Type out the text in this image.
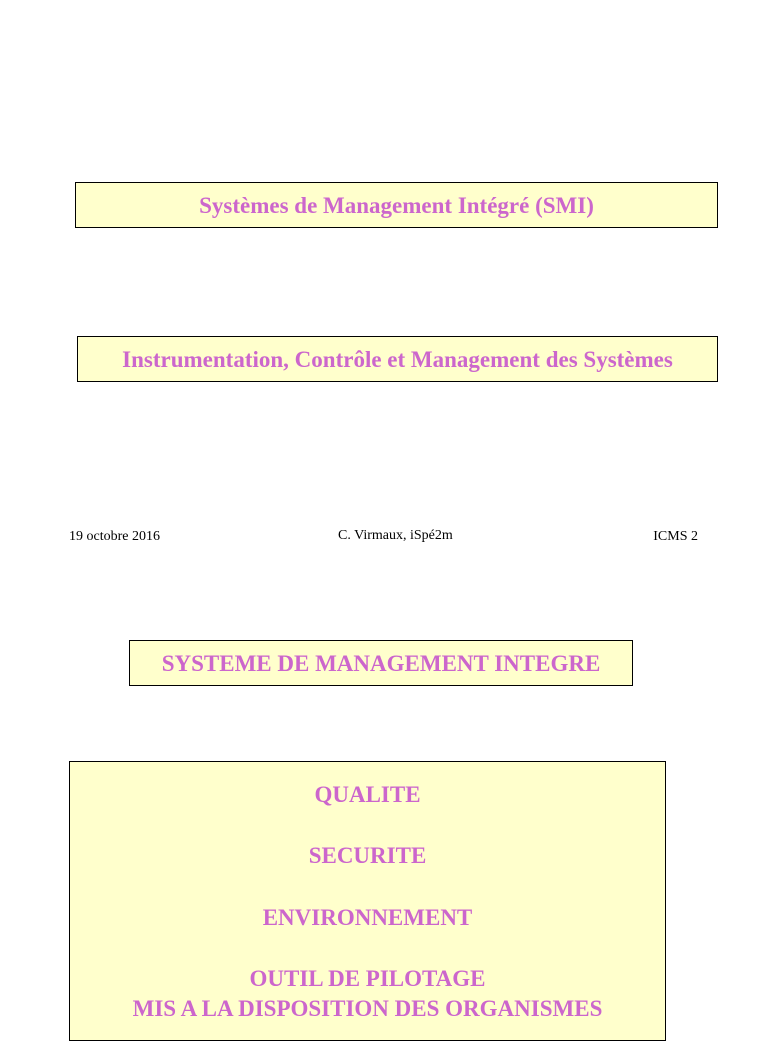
Systèmes de Management Intégré (SMI)
Instrumentation, Contrôle et Management des Systèmes
19 octobre 2016	C. Virmaux, iSpé2m	ICMS 2
SYSTEME DE MANAGEMENT INTEGRE
QUALITE
SECURITE
ENVIRONNEMENT
OUTIL DE PILOTAGE
MIS A LA DISPOSITION DES ORGANISMES
